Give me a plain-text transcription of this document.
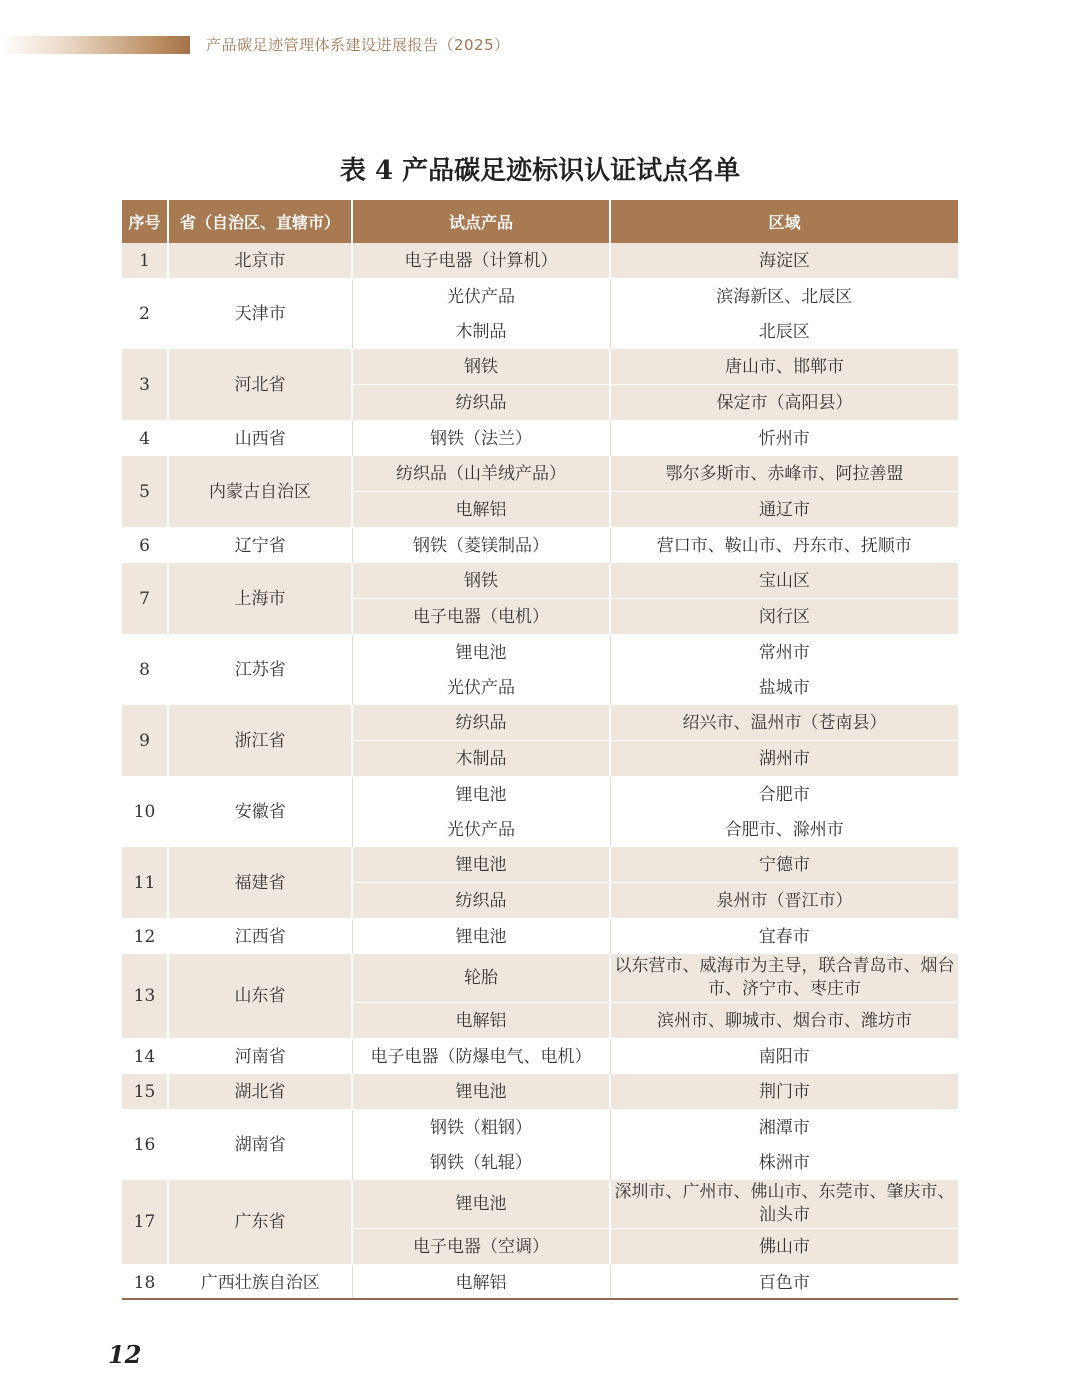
产品碳足迹管理体系建设进展报告（2025）
表 4 产品碳足迹标识认证试点名单
序号	省（自治区、直辖市）	试点产品	区域
1	北京市	电子电器（计算机）	海淀区
2	天津市	光伏产品	滨海新区、北辰区
		木制品	北辰区
3	河北省	钢铁	唐山市、邯郸市
		纺织品	保定市（高阳县）
4	山西省	钢铁（法兰）	忻州市
5	内蒙古自治区	纺织品（山羊绒产品）	鄂尔多斯市、赤峰市、阿拉善盟
		电解铝	通辽市
6	辽宁省	钢铁（菱镁制品）	营口市、鞍山市、丹东市、抚顺市
7	上海市	钢铁	宝山区
		电子电器（电机）	闵行区
8	江苏省	锂电池	常州市
		光伏产品	盐城市
9	浙江省	纺织品	绍兴市、温州市（苍南县）
		木制品	湖州市
10	安徽省	锂电池	合肥市
		光伏产品	合肥市、滁州市
11	福建省	锂电池	宁德市
		纺织品	泉州市（晋江市）
12	江西省	锂电池	宜春市
13	山东省	轮胎	以东营市、威海市为主导，联合青岛市、烟台市、济宁市、枣庄市
		电解铝	滨州市、聊城市、烟台市、潍坊市
14	河南省	电子电器（防爆电气、电机）	南阳市
15	湖北省	锂电池	荆门市
16	湖南省	钢铁（粗钢）	湘潭市
		钢铁（轧辊）	株洲市
17	广东省	锂电池	深圳市、广州市、佛山市、东莞市、肇庆市、汕头市
		电子电器（空调）	佛山市
18	广西壮族自治区	电解铝	百色市
12
